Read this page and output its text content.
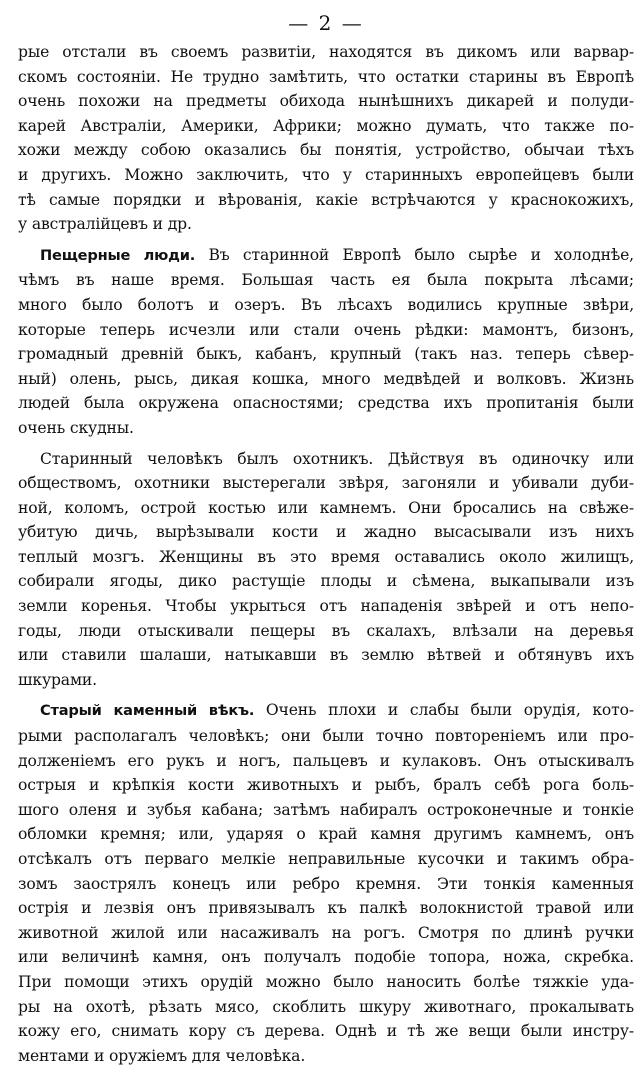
— 2 —
рые отстали въ своемъ развитіи, находятся въ дикомъ или варвар-
скомъ состояніи. Не трудно замѣтить, что остатки старины въ Европѣ
очень похожи на предметы обихода нынѣшнихъ дикарей и полуди-
карей Австраліи, Америки, Африки; можно думать, что также по-
хожи между собою оказались бы понятія, устройство, обычаи тѣхъ
и другихъ. Можно заключить, что у старинныхъ европейцевъ были
тѣ самые порядки и вѣрованія, какіе встрѣчаются у краснокожихъ,
у австралійцевъ и др.
Пещерные люди. Въ старинной Европѣ было сырѣе и холоднѣе,
чѣмъ въ наше время. Большая часть ея была покрыта лѣсами;
много было болотъ и озеръ. Въ лѣсахъ водились крупные звѣри,
которые теперь исчезли или стали очень рѣдки: мамонтъ, бизонъ,
громадный древній быкъ, кабанъ, крупный (такъ наз. теперь сѣвер-
ный) олень, рысь, дикая кошка, много медвѣдей и волковъ. Жизнь
людей была окружена опасностями; средства ихъ пропитанія были
очень скудны.
Старинный человѣкъ былъ охотникъ. Дѣйствуя въ одиночку или
обществомъ, охотники выстерегали звѣря, загоняли и убивали дуби-
ной, коломъ, острой костью или камнемъ. Они бросались на свѣже-
убитую дичь, вырѣзывали кости и жадно высасывали изъ нихъ
теплый мозгъ. Женщины въ это время оставались около жилищъ,
собирали ягоды, дико растущіе плоды и сѣмена, выкапывали изъ
земли коренья. Чтобы укрыться отъ нападенія звѣрей и отъ непо-
годы, люди отыскивали пещеры въ скалахъ, влѣзали на деревья
или ставили шалаши, натыкавши въ землю вѣтвей и обтянувъ ихъ
шкурами.
Старый каменный вѣкъ. Очень плохи и слабы были орудія, кото-
рыми располагалъ человѣкъ; они были точно повтореніемъ или про-
долженіемъ его рукъ и ногъ, пальцевъ и кулаковъ. Онъ отыскивалъ
острыя и крѣпкія кости животныхъ и рыбъ, бралъ себѣ рога боль-
шого оленя и зубья кабана; затѣмъ набиралъ остроконечные и тонкіе
обломки кремня; или, ударяя о край камня другимъ камнемъ, онъ
отсѣкалъ отъ перваго мелкіе неправильные кусочки и такимъ обра-
зомъ заострялъ конецъ или ребро кремня. Эти тонкія каменныя
острія и лезвія онъ привязывалъ къ палкѣ волокнистой травой или
животной жилой или насаживалъ на рогъ. Смотря по длинѣ ручки
или величинѣ камня, онъ получалъ подобіе топора, ножа, скребка.
При помощи этихъ орудій можно было наносить болѣе тяжкіе уда-
ры на охотѣ, рѣзать мясо, скоблить шкуру животнаго, прокалывать
кожу его, снимать кору съ дерева. Однѣ и тѣ же вещи были инстру-
ментами и оружіемъ для человѣка.
